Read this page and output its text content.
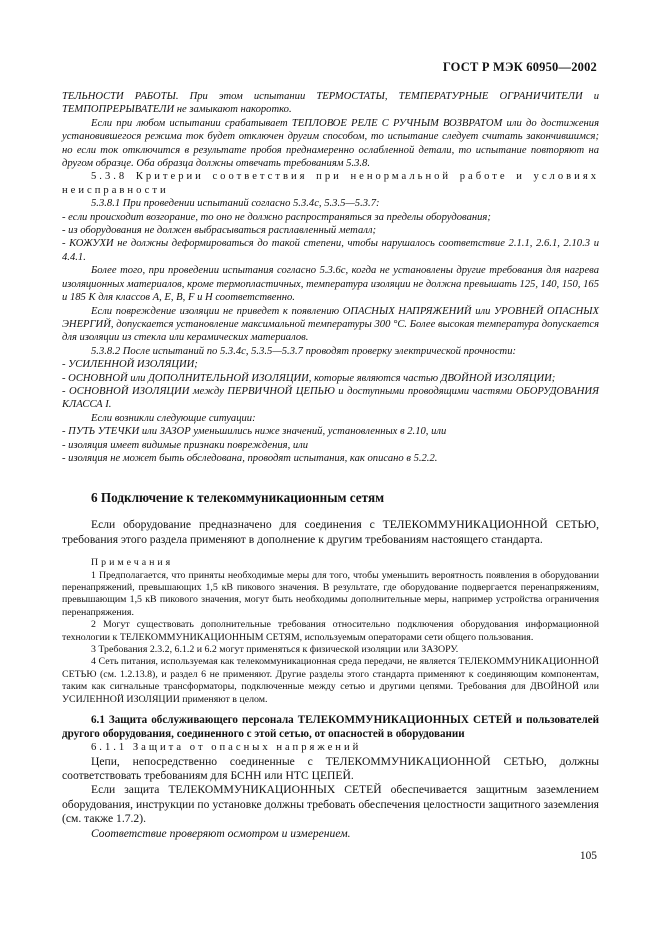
ГОСТ Р МЭК 60950—2002

ТЕЛЬНОСТИ РАБОТЫ. При этом испытании ТЕРМОСТАТЫ, ТЕМПЕРАТУРНЫЕ ОГРАНИЧИТЕЛИ и ТЕМПОПРЕРЫВАТЕЛИ не замыкают накоротко.

Если при любом испытании срабатывает ТЕПЛОВОЕ РЕЛЕ С РУЧНЫМ ВОЗВРАТОМ или до достижения установившегося режима ток будет отключен другим способом, то испытание следует считать закончившимся; но если ток отключится в результате пробоя преднамеренно ослабленной детали, то испытание повторяют на другом образце. Оба образца должны отвечать требованиям 5.3.8.

5.3.8 Критерии соответствия при ненормальной работе и условиях неисправности

5.3.8.1 При проведении испытаний согласно 5.3.4с, 5.3.5—5.3.7:

- если происходит возгорание, то оно не должно распространяться за пределы оборудования;

- из оборудования не должен выбрасываться расплавленный металл;

- КОЖУХИ не должны деформироваться до такой степени, чтобы нарушалось соответствие 2.1.1, 2.6.1, 2.10.3 и 4.4.1.

Более того, при проведении испытания согласно 5.3.6с, когда не установлены другие требования для нагрева изоляционных материалов, кроме термопластичных, температура изоляции не должна превышать 125, 140, 150, 165 и 185 K для классов A, E, B, F и H соответственно.

Если повреждение изоляции не приведет к появлению ОПАСНЫХ НАПРЯЖЕНИЙ или УРОВНЕЙ ОПАСНЫХ ЭНЕРГИЙ, допускается установление максимальной температуры 300 °С. Более высокая температура допускается для изоляции из стекла или керамических материалов.

5.3.8.2 После испытаний по 5.3.4с, 5.3.5—5.3.7 проводят проверку электрической прочности:

- УСИЛЕННОЙ ИЗОЛЯЦИИ;

- ОСНОВНОЙ или ДОПОЛНИТЕЛЬНОЙ ИЗОЛЯЦИИ, которые являются частью ДВОЙНОЙ ИЗОЛЯЦИИ;

- ОСНОВНОЙ ИЗОЛЯЦИИ между ПЕРВИЧНОЙ ЦЕПЬЮ и доступными проводящими частями ОБОРУДОВАНИЯ КЛАССА I.

Если возникли следующие ситуации:

- ПУТЬ УТЕЧКИ или ЗАЗОР уменьшились ниже значений, установленных в 2.10, или

- изоляция имеет видимые признаки повреждения, или

- изоляция не может быть обследована, проводят испытания, как описано в 5.2.2.

6 Подключение к телекоммуникационным сетям

Если оборудование предназначено для соединения с ТЕЛЕКОММУНИКАЦИОННОЙ СЕТЬЮ, требования этого раздела применяют в дополнение к другим требованиям настоящего стандарта.

Примечания

1 Предполагается, что приняты необходимые меры для того, чтобы уменьшить вероятность появления в оборудовании перенапряжений, превышающих 1,5 кВ пикового значения. В результате, где оборудование подвергается перенапряжениям, превышающим 1,5 кВ пикового значения, могут быть необходимы дополнительные меры, например устройства ограничения перенапряжения.

2 Могут существовать дополнительные требования относительно подключения оборудования информационной технологии к ТЕЛЕКОММУНИКАЦИОННЫМ СЕТЯМ, используемым операторами сети общего пользования.

3 Требования 2.3.2, 6.1.2 и 6.2 могут применяться к физической изоляции или ЗАЗОРУ.

4 Сеть питания, используемая как телекоммуникационная среда передачи, не является ТЕЛЕКОММУНИКАЦИОННОЙ СЕТЬЮ (см. 1.2.13.8), и раздел 6 не применяют. Другие разделы этого стандарта применяют к соединяющим компонентам, таким как сигнальные трансформаторы, подключенные между сетью и другими цепями. Требования для ДВОЙНОЙ или УСИЛЕННОЙ ИЗОЛЯЦИИ применяют в целом.

6.1 Защита обслуживающего персонала ТЕЛЕКОММУНИКАЦИОННЫХ СЕТЕЙ и пользователей другого оборудования, соединенного с этой сетью, от опасностей в оборудовании

6.1.1 Защита от опасных напряжений

Цепи, непосредственно соединенные с ТЕЛЕКОММУНИКАЦИОННОЙ СЕТЬЮ, должны соответствовать требованиям для БСНН или НТС ЦЕПЕЙ.

Если защита ТЕЛЕКОММУНИКАЦИОННЫХ СЕТЕЙ обеспечивается защитным заземлением оборудования, инструкции по установке должны требовать обеспечения целостности защитного заземления (см. также 1.7.2).

Соответствие проверяют осмотром и измерением.

105
